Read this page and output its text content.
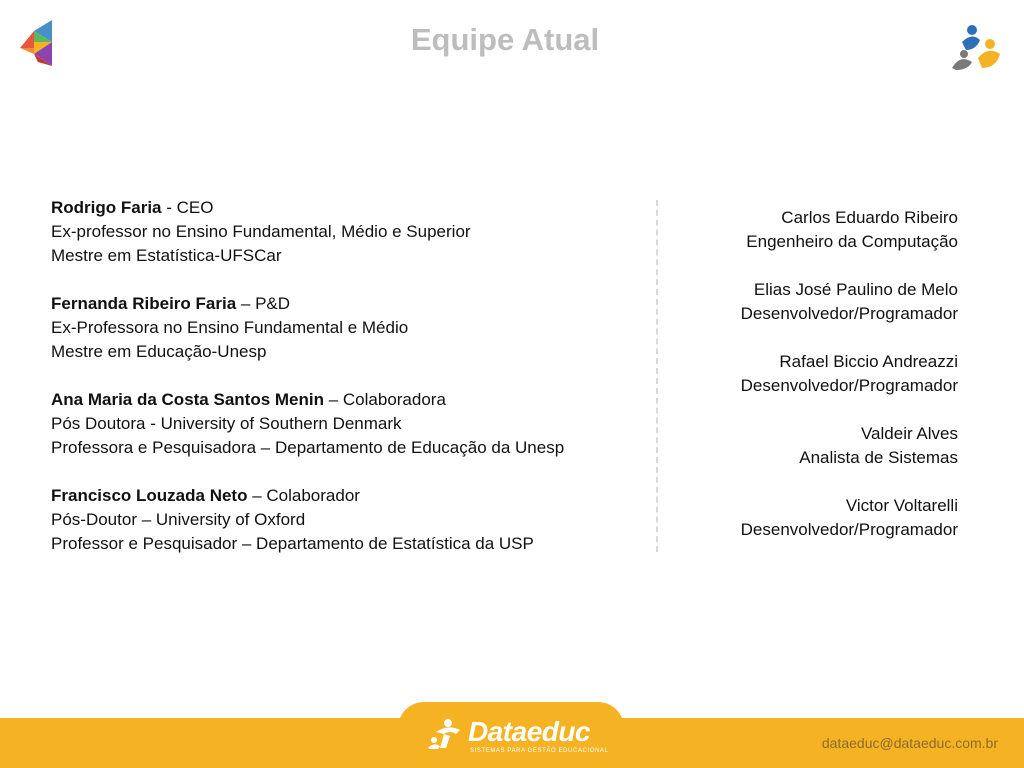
Equipe Atual
Rodrigo Faria - CEO
Ex-professor no Ensino Fundamental, Médio e Superior
Mestre em Estatística-UFSCar
Fernanda Ribeiro Faria – P&D
Ex-Professora no Ensino Fundamental e Médio
Mestre em Educação-Unesp
Ana Maria da Costa Santos Menin – Colaboradora
Pós Doutora - University of Southern Denmark
Professora e Pesquisadora – Departamento de Educação da Unesp
Francisco Louzada Neto – Colaborador
Pós-Doutor – University of Oxford
Professor e Pesquisador – Departamento de Estatística da USP
Carlos Eduardo Ribeiro
Engenheiro da Computação
Elias José Paulino de Melo
Desenvolvedor/Programador
Rafael Biccio Andreazzi
Desenvolvedor/Programador
Valdeir Alves
Analista de Sistemas
Victor Voltarelli
Desenvolvedor/Programador
Dataeduc
SISTEMAS PARA GESTÃO EDUCACIONAL	dataeduc@dataeduc.com.br
